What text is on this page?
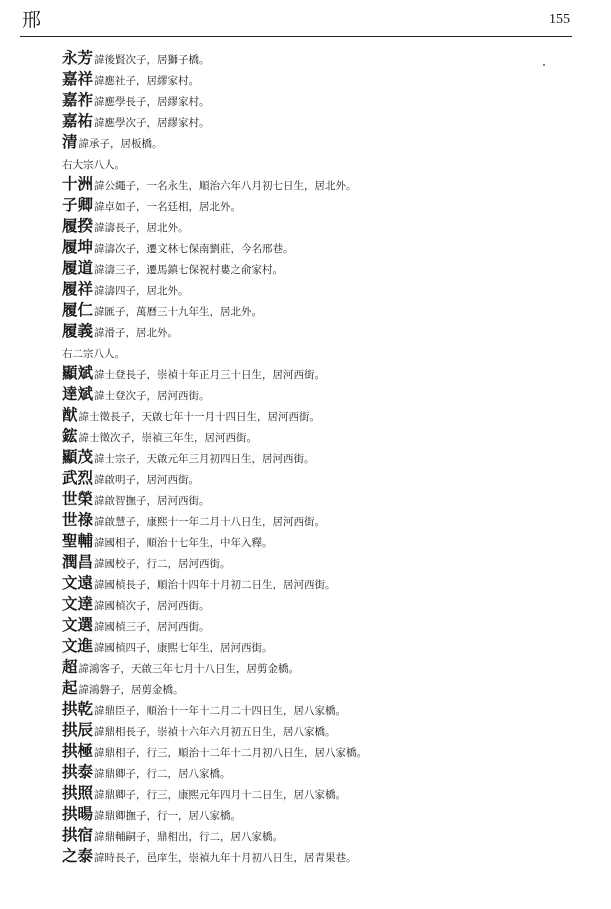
邢	155
永芳諱後賢次子，居獅子橋。
嘉祥諱應社子，居繆家村。
嘉祚諱應學長子，居繆家村。
嘉祐諱應學次子，居繆家村。
清諱承子，居板橋。
右大宗八人。
十洲諱公繩子，一名永生，順治六年八月初七日生，居北外。
子卿諱卓如子，一名廷相，居北外。
履揆諱濤長子，居北外。
履坤諱濤次子，遷文林七保南劉莊，今名邢巷。
履道諱濤三子，遷馬鎮七保祝村婁之俞家村。
履祥諱濤四子，居北外。
履仁諱匯子，萬曆三十九年生，居北外。
履義諱滑子，居北外。
右二宗八人。
顯斌諱士登長子，崇禎十年正月三十日生，居河西街。
達斌諱士登次子，居河西街。
猷諱士徵長子，天啟七年十一月十四日生，居河西街。
鋐諱士徵次子，崇禎三年生，居河西街。
顯茂諱士宗子，天啟元年三月初四日生，居河西街。
武烈諱啟明子，居河西街。
世榮諱啟智撫子，居河西街。
世祿諱啟慧子，康熙十一年二月十八日生，居河西街。
聖輔諱國相子，順治十七年生，中年入釋。
潤昌諱國校子，行二，居河西街。
文遠諱國楨長子，順治十四年十月初二日生，居河西街。
文達諱國楨次子，居河西街。
文選諱國楨三子，居河西街。
文進諱國楨四子，康熙七年生，居河西街。
超諱鴻客子，天啟三年七月十八日生，居剪金橋。
起諱鴻磐子，居剪金橋。
拱乾諱鼎臣子，順治十一年十二月二十四日生，居八家橋。
拱辰諱鼎相長子，崇禎十六年六月初五日生，居八家橋。
拱極諱鼎相子，行三，順治十二年十二月初八日生，居八家橋。
拱泰諱鼎卿子，行二，居八家橋。
拱照諱鼎卿子，行三，康熙元年四月十二日生，居八家橋。
拱暘諱鼎卿撫子，行一，居八家橋。
拱宿諱鼎輔嗣子，鼎相出，行二，居八家橋。
之泰諱時長子，邑庠生，崇禎九年十月初八日生，居青果巷。
